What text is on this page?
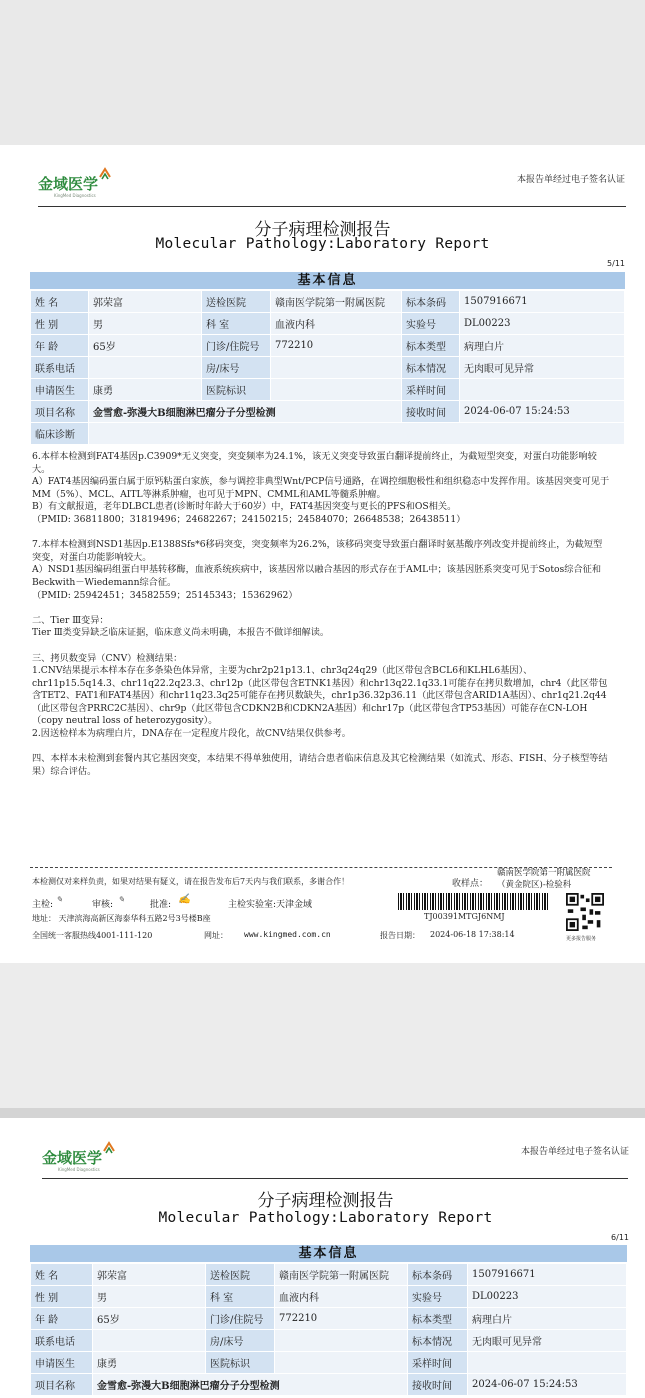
金域医学
KingMed Diagnostics
本报告单经过电子签名认证
分子病理检测报告
Molecular Pathology:Laboratory Report
5/11
基本信息
姓 名	郭荣富	送检医院	赣南医学院第一附属医院	标本条码	1507916671
性 别	男	科 室	血液内科	实验号	DL00223
年 龄	65岁	门诊/住院号	772210	标本类型	病理白片
联系电话		房/床号		标本情况	无肉眼可见异常
申请医生	康勇	医院标识		采样时间	
项目名称	金雪愈-弥漫大B细胞淋巴瘤分子分型检测			接收时间	2024-06-07 15:24:53
临床诊断					

6.本样本检测到FAT4基因p.C3909*无义突变，突变频率为24.1%，该无义突变导致蛋白翻译提前终止，为截短型突变，对蛋白功能影响较大。

A）FAT4基因编码蛋白属于原钙粘蛋白家族，参与调控非典型Wnt/PCP信号通路，在调控细胞极性和组织稳态中发挥作用。该基因突变可见于MM（5%）、MCL、AITL等淋系肿瘤，也可见于MPN、CMML和AML等髓系肿瘤。

B）有文献报道，老年DLBCL患者(诊断时年龄大于60岁）中，FAT4基因突变与更长的PFS和OS相关。

（PMID: 36811800；31819496；24682267；24150215；24584070；26648538；26438511）

7.本样本检测到NSD1基因p.E1388Sfs*6移码突变，突变频率为26.2%，该移码突变导致蛋白翻译时氨基酸序列改变并提前终止，为截短型突变，对蛋白功能影响较大。

A）NSD1基因编码组蛋白甲基转移酶，血液系统疾病中，该基因常以融合基因的形式存在于AML中；该基因胚系突变可见于Sotos综合征和Beckwith－Wiedemann综合征。

（PMID: 25942451；34582559；25145343；15362962）

二、Tier Ⅲ变异：

Tier Ⅲ类变异缺乏临床证据，临床意义尚未明确，本报告不做详细解读。

三、拷贝数变异（CNV）检测结果：

1.CNV结果提示本样本存在多条染色体异常，主要为chr2p21p13.1、chr3q24q29（此区带包含BCL6和KLHL6基因）、chr11p15.5q14.3、chr11q22.2q23.3、chr12p（此区带包含ETNK1基因）和chr13q22.1q33.1可能存在拷贝数增加，chr4（此区带包含TET2、FAT1和FAT4基因）和chr11q23.3q25可能存在拷贝数缺失，chr1p36.32p36.11（此区带包含ARID1A基因）、chr1q21.2q44（此区带包含PRRC2C基因）、chr9p（此区带包含CDKN2B和CDKN2A基因）和chr17p（此区带包含TP53基因）可能存在CN-LOH（copy neutral loss of heterozygosity）。

2.因送检样本为病理白片，DNA存在一定程度片段化，故CNV结果仅供参考。

四、本样本未检测到套餐内其它基因突变，本结果不得单独使用，请结合患者临床信息及其它检测结果（如流式、形态、FISH、分子核型等结果）综合评估。

本检测仅对来样负责，如果对结果有疑义，请在报告发布后7天内与我们联系，多谢合作！	收样点：
赣南医学院第一附属医院（黄金院区)-检验科
主检:
✎
审核:
✎
批准: ✍	主检实验室:天津金域
地址： 天津滨海高新区海泰华科五路2号3号楼B座
全国统一客服热线4001-111-120	网址： www.kingmed.com.cn	报告日期： 2024-06-18 17:38:14
TJ00391MTGJ6NMJ
更多报告服务
金域医学
KingMed Diagnostics
本报告单经过电子签名认证
分子病理检测报告
Molecular Pathology:Laboratory Report
6/11
基本信息
姓 名	郭荣富	送检医院	赣南医学院第一附属医院	标本条码	1507916671
性 别	男	科 室	血液内科	实验号	DL00223
年 龄	65岁	门诊/住院号	772210	标本类型	病理白片
联系电话		房/床号		标本情况	无肉眼可见异常
申请医生	康勇	医院标识		采样时间	
项目名称	金雪愈-弥漫大B细胞淋巴瘤分子分型检测			接收时间	2024-06-07 15:24:53
